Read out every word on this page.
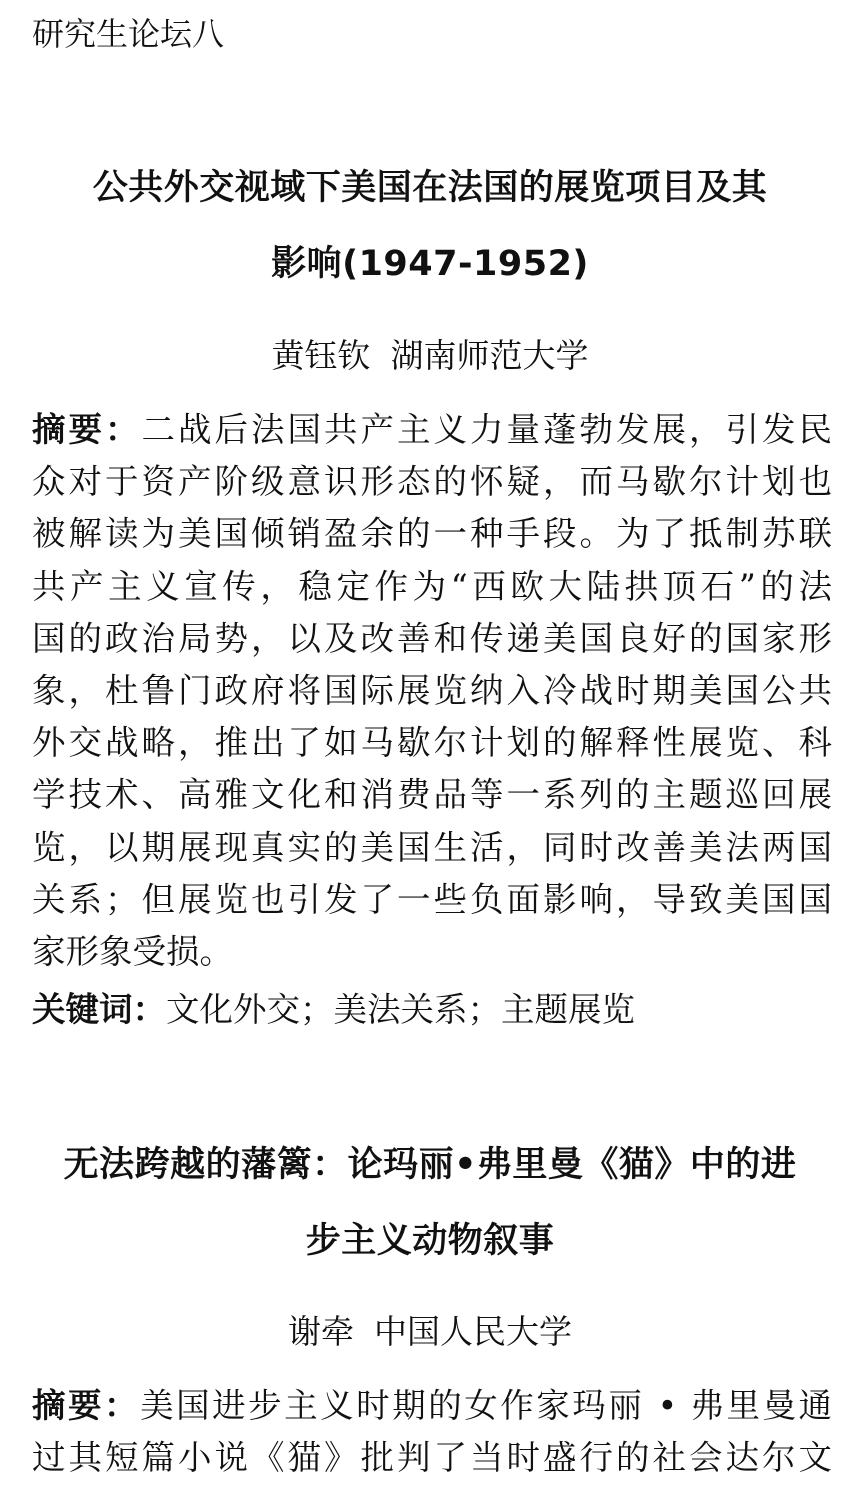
研究生论坛八
公共外交视域下美国在法国的展览项目及其
影响(1947-1952)
黄钰钦 湖南师范大学
摘要：二战后法国共产主义力量蓬勃发展，引发民
众对于资产阶级意识形态的怀疑，而马歇尔计划也
被解读为美国倾销盈余的一种手段。为了抵制苏联
共产主义宣传，稳定作为“西欧大陆拱顶石”的法
国的政治局势，以及改善和传递美国良好的国家形
象，杜鲁门政府将国际展览纳入冷战时期美国公共
外交战略，推出了如马歇尔计划的解释性展览、科
学技术、高雅文化和消费品等一系列的主题巡回展
览，以期展现真实的美国生活，同时改善美法两国
关系；但展览也引发了一些负面影响，导致美国国
家形象受损。
关键词：文化外交；美法关系；主题展览
无法跨越的藩篱：论玛丽•弗里曼《猫》中的进
步主义动物叙事
谢牵 中国人民大学
摘要：美国进步主义时期的女作家玛丽 • 弗里曼通
过其短篇小说《猫》批判了当时盛行的社会达尔文
